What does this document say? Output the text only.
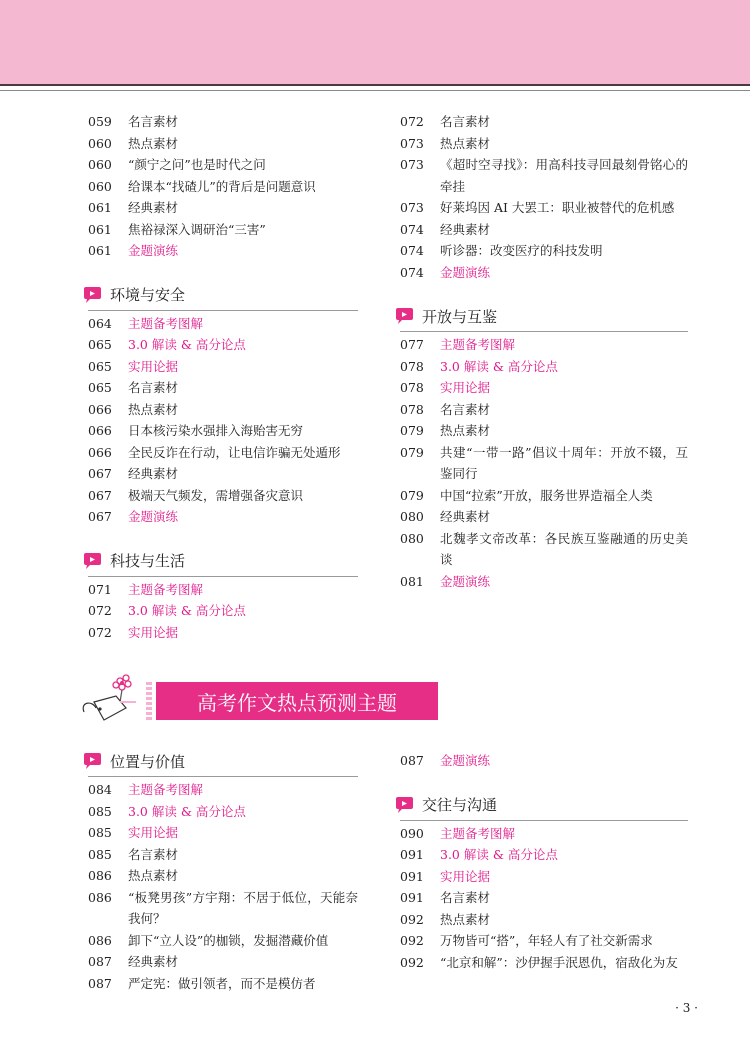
059	名言素材
060	热点素材
060	“颜宁之问”也是时代之问
060	给课本“找碴儿”的背后是问题意识
061	经典素材
061	焦裕禄深入调研治“三害”
061	金题演练
环境与安全
064	主题备考图解
065	3.0 解读 & 高分论点
065	实用论据
065	名言素材
066	热点素材
066	日本核污染水强排入海贻害无穷
066	全民反诈在行动，让电信诈骗无处遁形
067	经典素材
067	极端天气频发，需增强备灾意识
067	金题演练
科技与生活
071	主题备考图解
072	3.0 解读 & 高分论点
072	实用论据
072	名言素材
073	热点素材
073	《超时空寻找》：用高科技寻回最刻骨铭心的牵挂
073	好莱坞因 AI 大罢工：职业被替代的危机感
074	经典素材
074	听诊器：改变医疗的科技发明
074	金题演练
开放与互鉴
077	主题备考图解
078	3.0 解读 & 高分论点
078	实用论据
078	名言素材
079	热点素材
079	共建“一带一路”倡议十周年：开放不辍，互鉴同行
079	中国“拉索”开放，服务世界造福全人类
080	经典素材
080	北魏孝文帝改革：各民族互鉴融通的历史美谈
081	金题演练
高考作文热点预测主题
位置与价值
084	主题备考图解
085	3.0 解读 & 高分论点
085	实用论据
085	名言素材
086	热点素材
086	“板凳男孩”方宇翔：不居于低位，天能奈我何？
086	卸下“立人设”的枷锁，发掘潜藏价值
087	经典素材
087	严定宪：做引领者，而不是模仿者
087	金题演练
交往与沟通
090	主题备考图解
091	3.0 解读 & 高分论点
091	实用论据
091	名言素材
092	热点素材
092	万物皆可“搭”，年轻人有了社交新需求
092	“北京和解”：沙伊握手泯恩仇，宿敌化为友
· 3 ·
